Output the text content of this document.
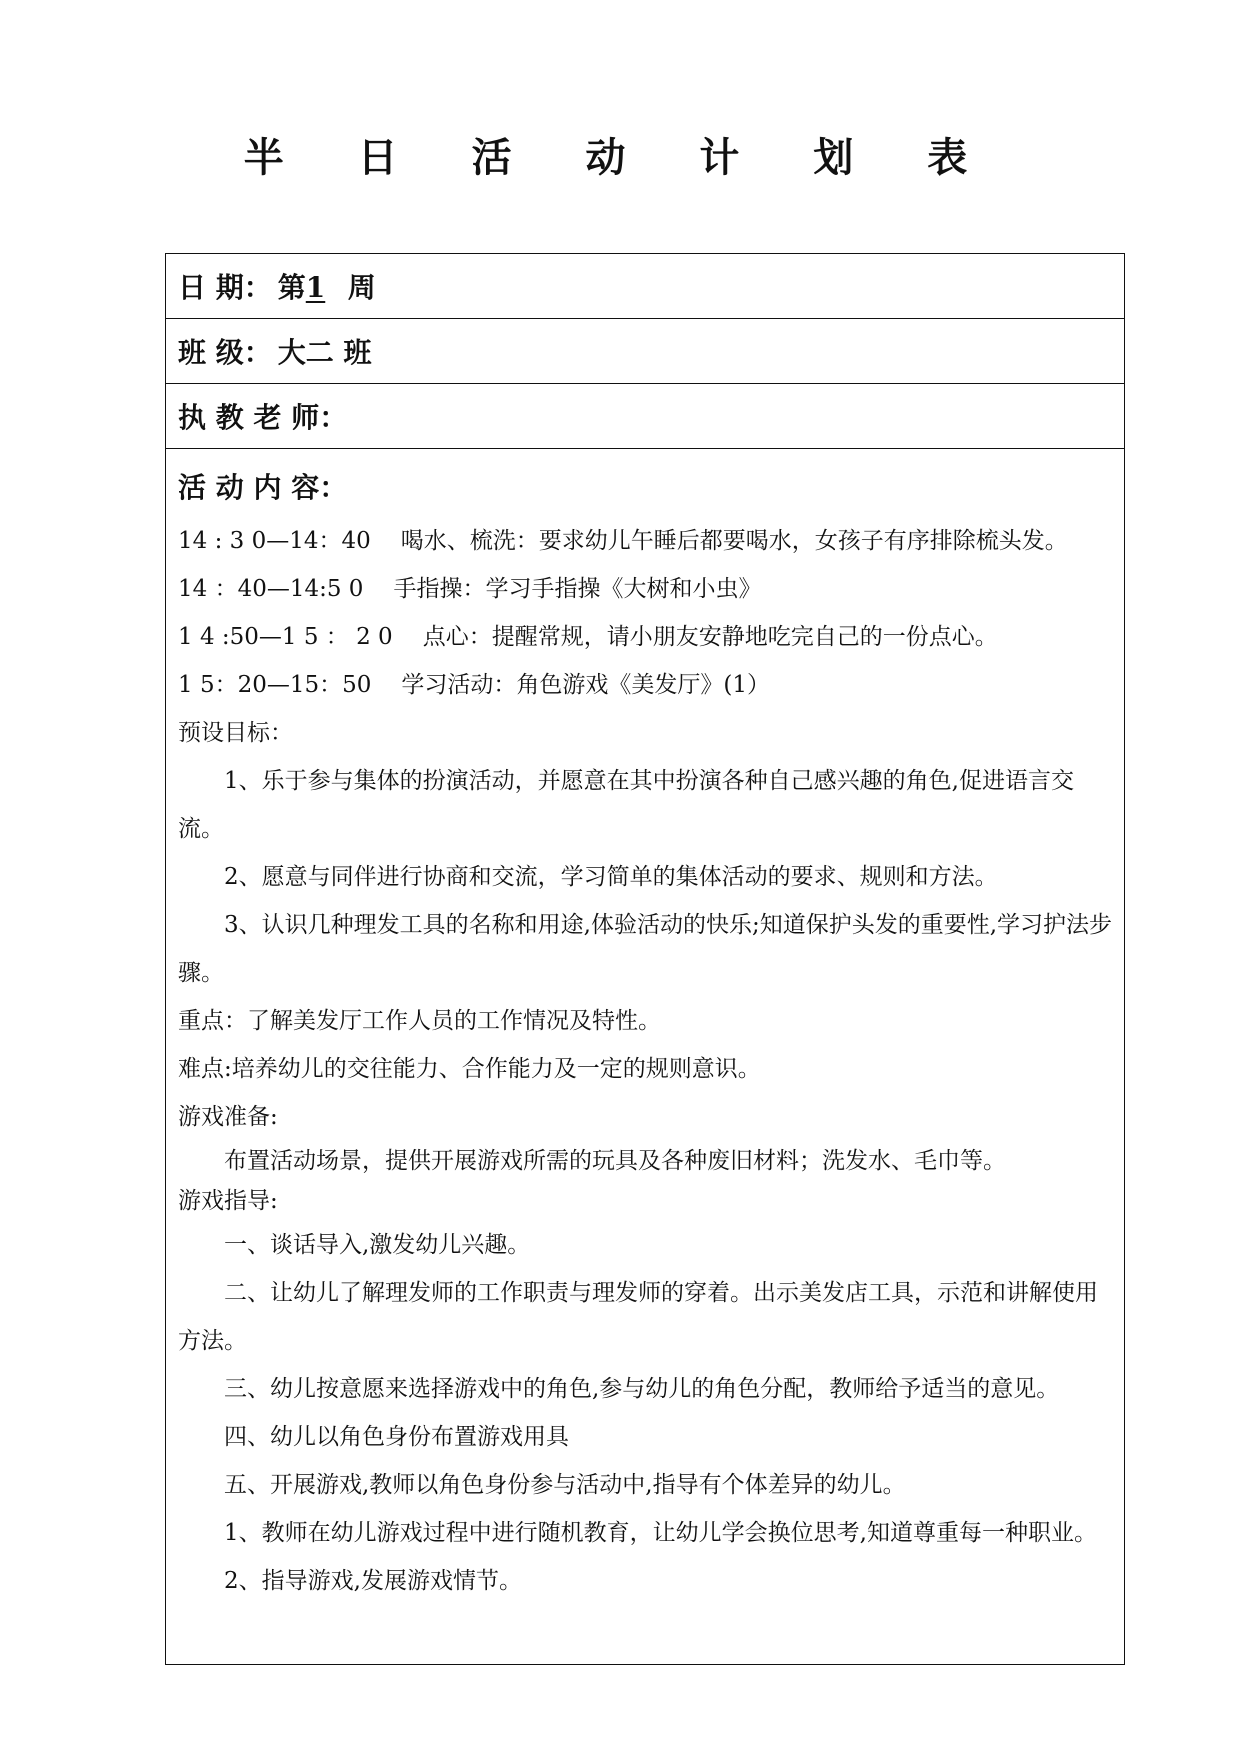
半 日 活 动 计 划 表
日 期： 第1 周
班 级： 大二 班
执 教 老 师：
活 动 内 容：
14 : 3 0—14：40 喝水、梳洗：要求幼儿午睡后都要喝水，女孩子有序排除梳头发。
14 ：40—14:5 0 手指操：学习手指操《大树和小虫》
1 4 :50—1 5 ： 2 0 点心：提醒常规，请小朋友安静地吃完自己的一份点心。
1 5：20—15：50 学习活动：角色游戏《美发厅》(1）
预设目标：
1、乐于参与集体的扮演活动，并愿意在其中扮演各种自己感兴趣的角色,促进语言交流。
2、愿意与同伴进行协商和交流，学习简单的集体活动的要求、规则和方法。
3、认识几种理发工具的名称和用途,体验活动的快乐;知道保护头发的重要性,学习护法步骤。
重点：了解美发厅工作人员的工作情况及特性。
难点:培养幼儿的交往能力、合作能力及一定的规则意识。
游戏准备:
布置活动场景，提供开展游戏所需的玩具及各种废旧材料；洗发水、毛巾等。
游戏指导:
一、谈话导入,激发幼儿兴趣。
二、让幼儿了解理发师的工作职责与理发师的穿着。出示美发店工具，示范和讲解使用方法。
三、幼儿按意愿来选择游戏中的角色,参与幼儿的角色分配，教师给予适当的意见。
四、幼儿以角色身份布置游戏用具
五、开展游戏,教师以角色身份参与活动中,指导有个体差异的幼儿。
1、教师在幼儿游戏过程中进行随机教育，让幼儿学会换位思考,知道尊重每一种职业。
2、指导游戏,发展游戏情节。
